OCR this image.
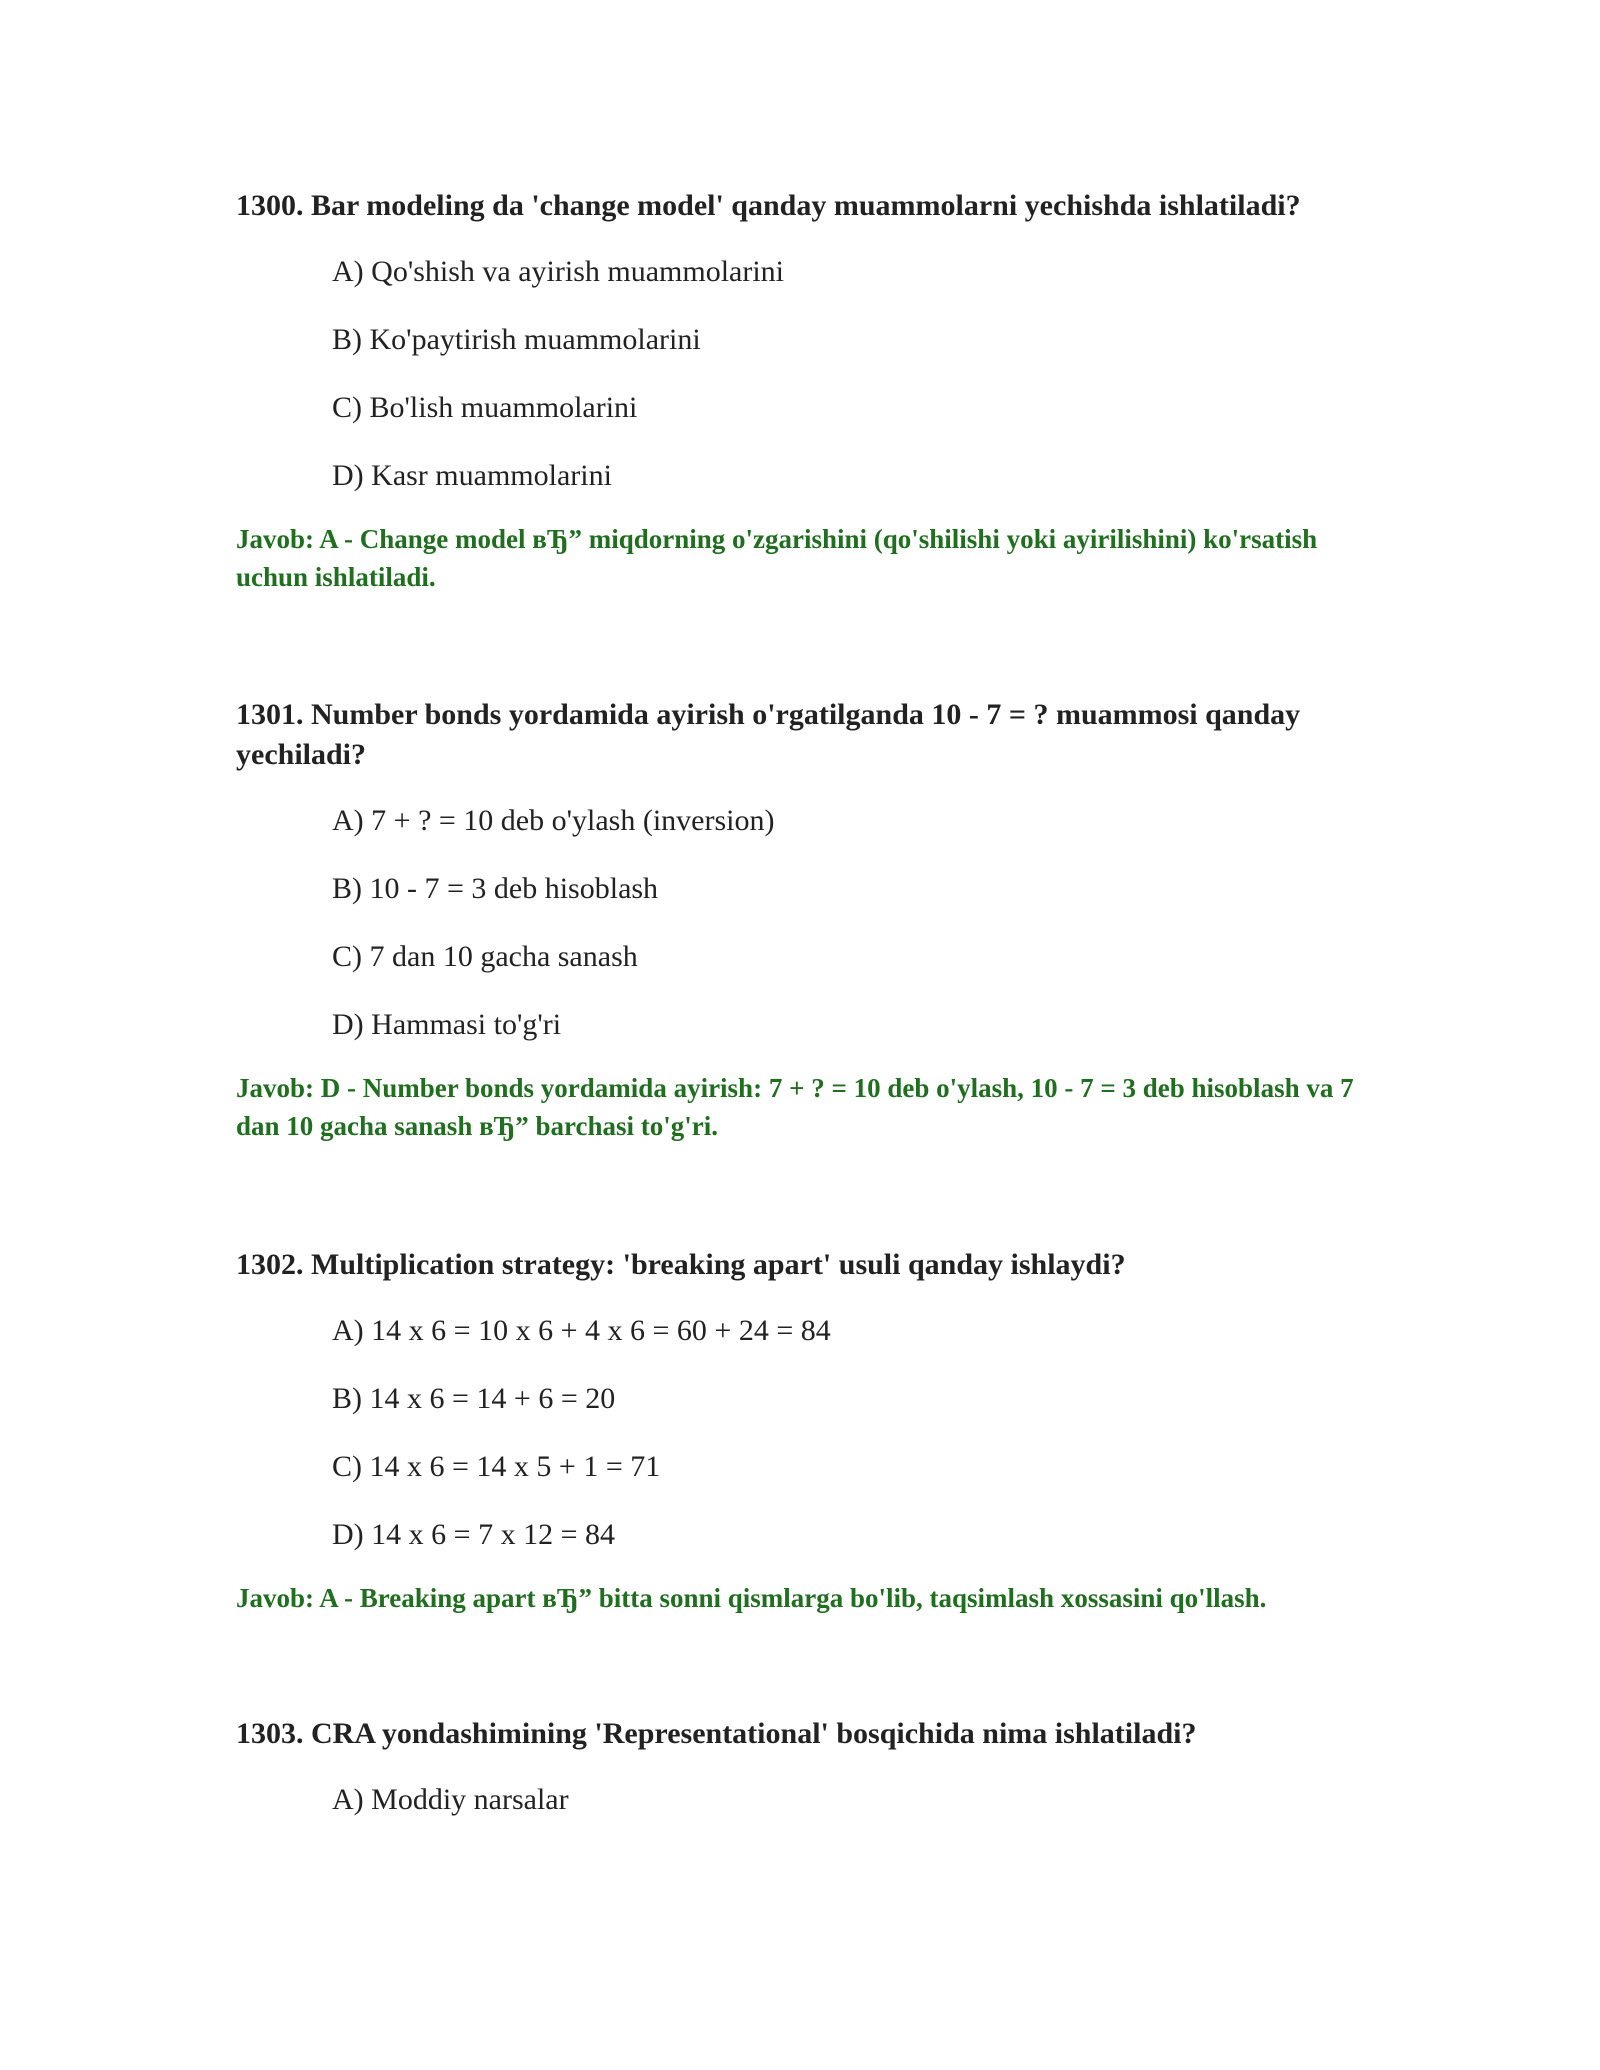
1300. Bar modeling da 'change model' qanday muammolarni yechishda ishlatiladi?

A) Qo'shish va ayirish muammolarini
B) Ko'paytirish muammolarini
C) Bo'lish muammolarini
D) Kasr muammolarini
Javob: A - Change model вЂ” miqdorning o'zgarishini (qo'shilishi yoki ayirilishini) ko'rsatish uchun ishlatiladi.

1301. Number bonds yordamida ayirish o'rgatilganda 10 - 7 = ? muammosi qanday yechiladi?

A) 7 + ? = 10 deb o'ylash (inversion)
B) 10 - 7 = 3 deb hisoblash
C) 7 dan 10 gacha sanash
D) Hammasi to'g'ri
Javob: D - Number bonds yordamida ayirish: 7 + ? = 10 deb o'ylash, 10 - 7 = 3 deb hisoblash va 7 dan 10 gacha sanash вЂ” barchasi to'g'ri.

1302. Multiplication strategy: 'breaking apart' usuli qanday ishlaydi?

A) 14 x 6 = 10 x 6 + 4 x 6 = 60 + 24 = 84
B) 14 x 6 = 14 + 6 = 20
C) 14 x 6 = 14 x 5 + 1 = 71
D) 14 x 6 = 7 x 12 = 84
Javob: A - Breaking apart вЂ” bitta sonni qismlarga bo'lib, taqsimlash xossasini qo'llash.

1303. CRA yondashimining 'Representational' bosqichida nima ishlatiladi?

A) Moddiy narsalar
